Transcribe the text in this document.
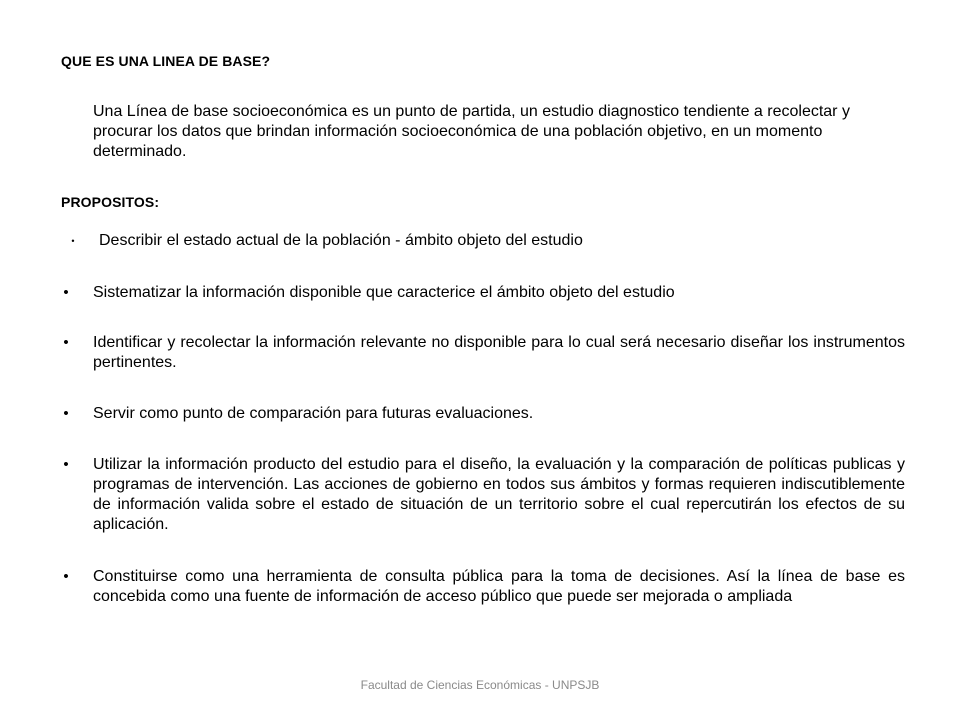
QUE ES UNA LINEA DE BASE?
Una Línea de base socioeconómica es un punto de partida, un estudio diagnostico tendiente a recolectar y procurar los datos que brindan información socioeconómica de una población objetivo, en un momento determinado.
PROPOSITOS:
•	Describir el estado actual de la población - ámbito objeto del estudio
• Sistematizar la información disponible que caracterice el ámbito objeto del estudio
• Identificar y recolectar la información relevante no disponible para lo cual será necesario diseñar los instrumentos pertinentes.
• Servir como punto de comparación para futuras evaluaciones.
• Utilizar la información producto del estudio para el diseño, la evaluación y la comparación de políticas publicas y programas de intervención. Las acciones de gobierno en todos sus ámbitos y formas requieren indiscutiblemente de información valida sobre el estado de situación de un territorio sobre el cual repercutirán los efectos de su aplicación.
• Constituirse como una herramienta de consulta pública para la toma de decisiones. Así la línea de base es concebida como una fuente de información de acceso público que puede ser mejorada o ampliada
Facultad de Ciencias Económicas - UNPSJB
